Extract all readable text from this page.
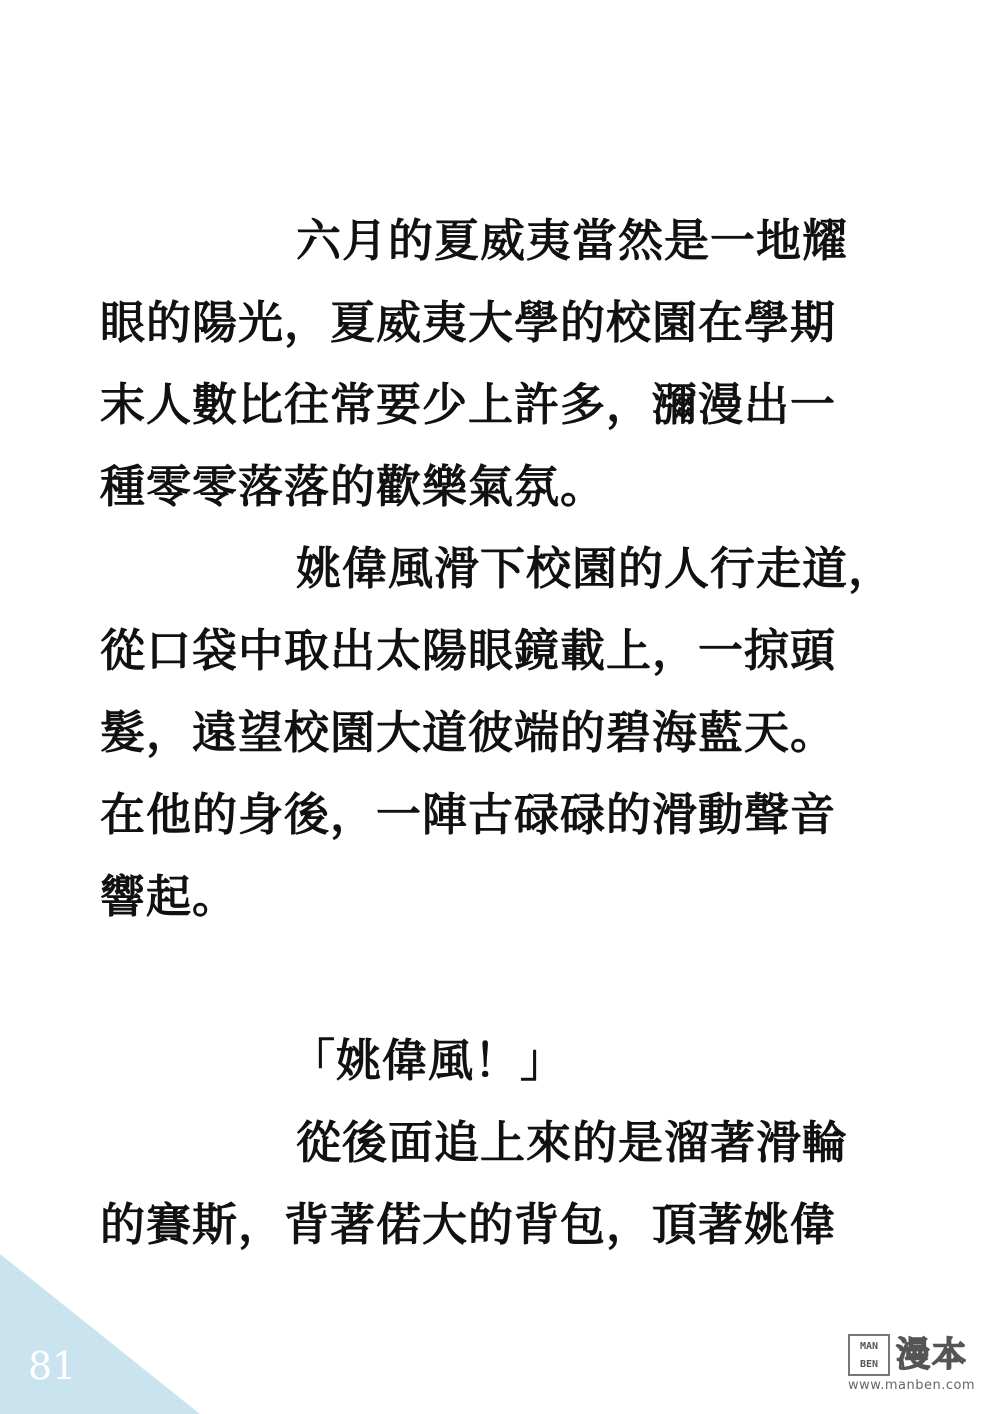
六月的夏威夷當然是一地耀
眼的陽光，夏威夷大學的校園在學期
末人數比往常要少上許多，瀰漫出一
種零零落落的歡樂氣氛。
姚偉風滑下校園的人行走道，
從口袋中取出太陽眼鏡載上，一掠頭
髮，遠望校園大道彼端的碧海藍天。
在他的身後，一陣古碌碌的滑動聲音
響起。
「姚偉風！」
從後面追上來的是溜著滑輪
的賽斯，背著偌大的背包，頂著姚偉
81	MAN BEN 漫本
www.manben.com
